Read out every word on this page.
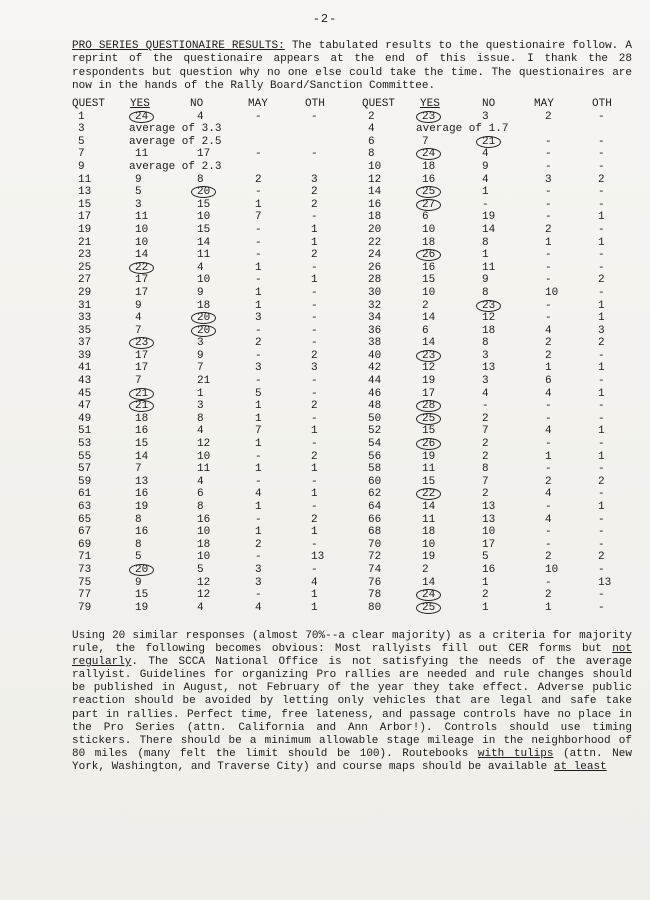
-2-

PRO SERIES QUESTIONAIRE RESULTS: The tabulated results to the questionaire follow. A reprint of the questionaire appears at the end of this issue. I thank the 28 respondents but question why no one else could take the time. The questionaires are now in the hands of the Rally Board/Sanction Committee.

QUEST YES	NO	MAY	OTH	QUEST YES	NO	MAY	OTH
1	24	4	-	-	2	23	3	2	-
3	average of 3.3	4	average of 1.7
5	average of 2.5	6	7	21	-	-
7	11	17	-	-	8	24	4	-	-
9	average of 2.3	10	18	9	-	-
11	9	8	2	3	12	16	4	3	2
13	5	20	-	2	14	25	1	-	-
15	3	15	1	2	16	27	-	-	-
17	11	10	7	-	18	6	19	-	1
19	10	15	-	1	20	10	14	2	-
21	10	14	-	1	22	18	8	1	1
23	14	11	-	2	24	26	1	-	-
25	22	4	1	-	26	16	11	-	-
27	17	10	-	1	28	15	9	-	2
29	17	9	1	-	30	10	8	10	-
31	9	18	1	-	32	2	23	-	1
33	4	20	3	-	34	14	12	-	1
35	7	20	-	-	36	6	18	4	3
37	23	3	2	-	38	14	8	2	2
39	17	9	-	2	40	23	3	2	-
41	17	7	3	3	42	12	13	1	1
43	7	21	-	-	44	19	3	6	-
45	21	1	5	-	46	17	4	4	1
47	21	3	1	2	48	28	-	-	-
49	18	8	1	-	50	25	2	-	-
51	16	4	7	1	52	15	7	4	1
53	15	12	1	-	54	26	2	-	-
55	14	10	-	2	56	19	2	1	1
57	7	11	1	1	58	11	8	-	-
59	13	4	-	-	60	15	7	2	2
61	16	6	4	1	62	22	2	4	-
63	19	8	1	-	64	14	13	-	1
65	8	16	-	2	66	11	13	4	-
67	16	10	1	1	68	18	10	-	-
69	8	18	2	-	70	10	17	-	-
71	5	10	-	13	72	19	5	2	2
73	20	5	3	-	74	2	16	10	-
75	9	12	3	4	76	14	1	-	13
77	15	12	-	1	78	24	2	2	-
79	19	4	4	1	80	25	1	1	-

Using 20 similar responses (almost 70%--a clear majority) as a criteria for majority rule, the following becomes obvious: Most rallyists fill out CER forms but not regularly. The SCCA National Office is not satisfying the needs of the average rallyist. Guidelines for organizing Pro rallies are needed and rule changes should be published in August, not February of the year they take effect. Adverse public reaction should be avoided by letting only vehicles that are legal and safe take part in rallies. Perfect time, free lateness, and passage controls have no place in the Pro Series (attn. California and Ann Arbor!). Controls should use timing stickers. There should be a minimum allowable stage mileage in the neighborhood of 80 miles (many felt the limit should be 100). Routebooks with tulips (attn. New York, Washington, and Traverse City) and course maps should be available at least
